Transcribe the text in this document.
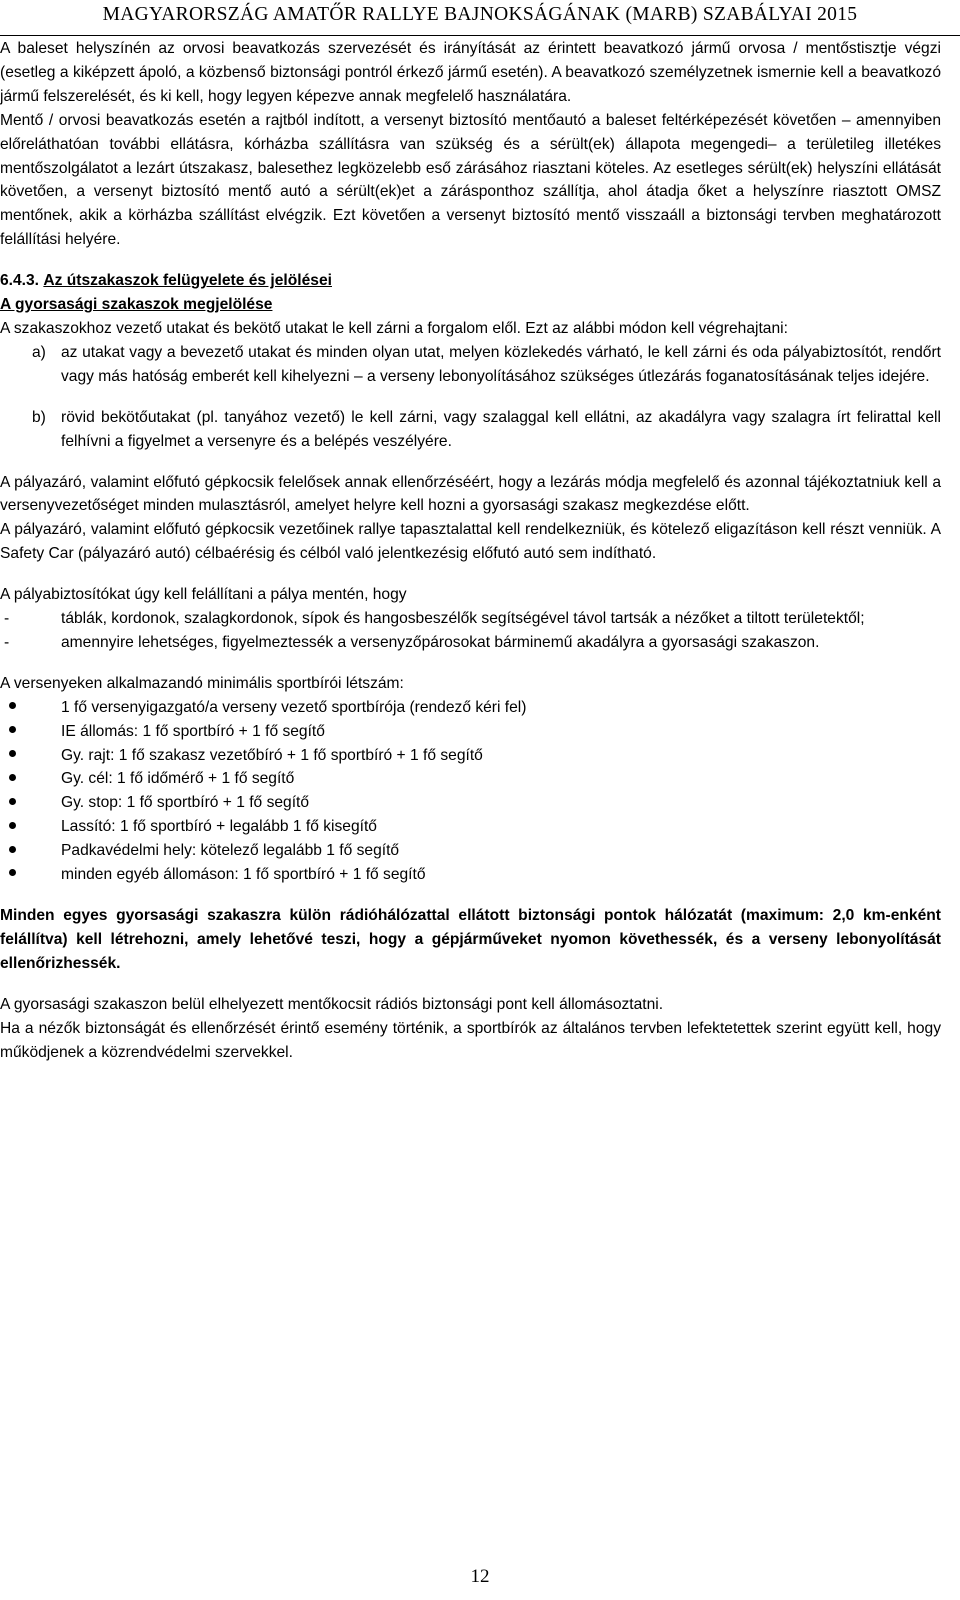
MAGYARORSZÁG AMATŐR RALLYE BAJNOKSÁGÁNAK (MARB) SZABÁLYAI 2015

A baleset helyszínén az orvosi beavatkozás szervezését és irányítását az érintett beavatkozó jármű orvosa / mentőstisztje végzi (esetleg a kiképzett ápoló, a közbenső biztonsági pontról érkező jármű esetén). A beavatkozó személyzetnek ismernie kell a beavatkozó jármű felszerelését, és ki kell, hogy legyen képezve annak megfelelő használatára.

Mentő / orvosi beavatkozás esetén a rajtból indított, a versenyt biztosító mentőautó a baleset feltérképezését követően – amennyiben előreláthatóan további ellátásra, kórházba szállításra van szükség és a sérült(ek) állapota megengedi– a területileg illetékes mentőszolgálatot a lezárt útszakasz, balesethez legközelebb eső zárásához riasztani köteles. Az esetleges sérült(ek) helyszíni ellátását követően, a versenyt biztosító mentő autó a sérült(ek)et a zárásponthoz szállítja, ahol átadja őket a helyszínre riasztott OMSZ mentőnek, akik a körházba szállítást elvégzik. Ezt követően a versenyt biztosító mentő visszaáll a biztonsági tervben meghatározott felállítási helyére.

6.4.3. Az útszakaszok felügyelete és jelölései
A gyorsasági szakaszok megjelölése

A szakaszokhoz vezető utakat és bekötő utakat le kell zárni a forgalom elől. Ezt az alábbi módon kell végrehajtani:

a) az utakat vagy a bevezető utakat és minden olyan utat, melyen közlekedés várható, le kell zárni és oda pályabiztosítót, rendőrt vagy más hatóság emberét kell kihelyezni – a verseny lebonyolításához szükséges útlezárás foganatosításának teljes idejére.
b) rövid bekötőutakat (pl. tanyához vezető) le kell zárni, vagy szalaggal kell ellátni, az akadályra vagy szalagra írt felirattal kell felhívni a figyelmet a versenyre és a belépés veszélyére.

A pályazáró, valamint előfutó gépkocsik felelősek annak ellenőrzéséért, hogy a lezárás módja megfelelő és azonnal tájékoztatniuk kell a versenyvezetőséget minden mulasztásról, amelyet helyre kell hozni a gyorsasági szakasz megkezdése előtt.

A pályazáró, valamint előfutó gépkocsik vezetőinek rallye tapasztalattal kell rendelkezniük, és kötelező eligazításon kell részt venniük. A Safety Car (pályazáró autó) célbaérésig és célból való jelentkezésig előfutó autó sem indítható.

A pályabiztosítókat úgy kell felállítani a pálya mentén, hogy

-	táblák, kordonok, szalagkordonok, sípok és hangosbeszélők segítségével távol tartsák a nézőket a tiltott területektől;
-	amennyire lehetséges, figyelmeztessék a versenyzőpárosokat bárminemű akadályra a gyorsasági szakaszon.

A versenyeken alkalmazandó minimális sportbírói létszám:

1 fő versenyigazgató/a verseny vezető sportbírója (rendező kéri fel)
IE állomás: 1 fő sportbíró + 1 fő segítő
Gy. rajt: 1 fő szakasz vezetőbíró + 1 fő sportbíró + 1 fő segítő
Gy. cél: 1 fő időmérő + 1 fő segítő
Gy. stop: 1 fő sportbíró + 1 fő segítő
Lassító: 1 fő sportbíró + legalább 1 fő kisegítő
Padkavédelmi hely: kötelező legalább 1 fő segítő
minden egyéb állomáson: 1 fő sportbíró + 1 fő segítő

Minden egyes gyorsasági szakaszra külön rádióhálózattal ellátott biztonsági pontok hálózatát (maximum: 2,0 km-enként felállítva) kell létrehozni, amely lehetővé teszi, hogy a gépjárműveket nyomon követhessék, és a verseny lebonyolítását ellenőrizhessék.

A gyorsasági szakaszon belül elhelyezett mentőkocsit rádiós biztonsági pont kell állomásoztatni.

Ha a nézők biztonságát és ellenőrzését érintő esemény történik, a sportbírók az általános tervben lefektetettek szerint együtt kell, hogy működjenek a közrendvédelmi szervekkel.

12
